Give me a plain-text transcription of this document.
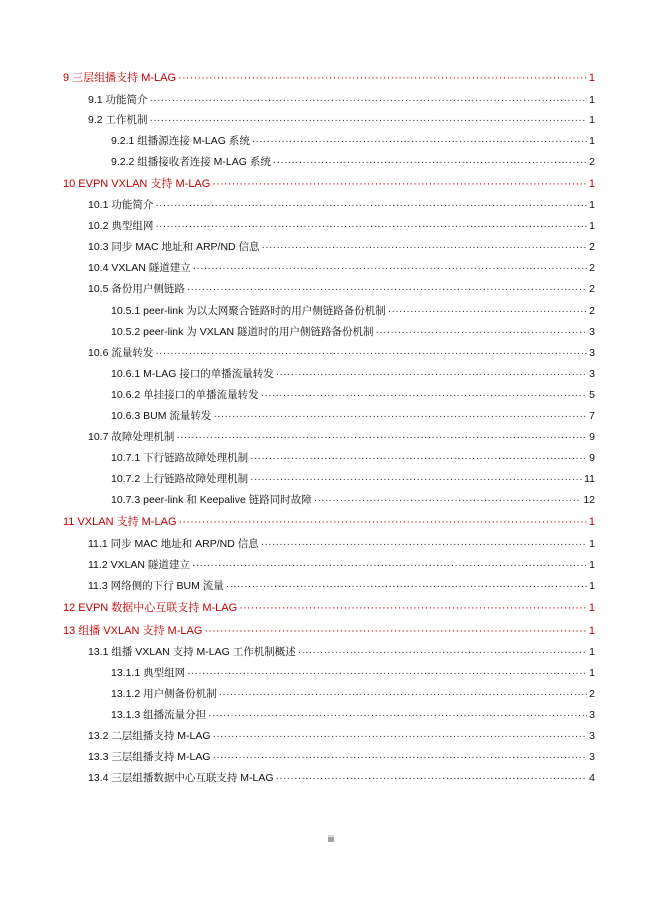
9 三层组播支持 M-LAG ·····	1
9.1 功能简介 ·····	1
9.2 工作机制 ·····	1
9.2.1 组播源连接 M-LAG 系统 ·····	1
9.2.2 组播接收者连接 M-LAG 系统 ·····	2
10 EVPN VXLAN 支持 M-LAG ·····	1
10.1 功能简介 ·····	1
10.2 典型组网 ·····	1
10.3 同步 MAC 地址和 ARP/ND 信息 ·····	2
10.4 VXLAN 隧道建立 ·····	2
10.5 备份用户侧链路 ·····	2
10.5.1 peer-link 为以太网聚合链路时的用户侧链路备份机制 ·····	2
10.5.2 peer-link 为 VXLAN 隧道时的用户侧链路备份机制 ·····	3
10.6 流量转发 ·····	3
10.6.1 M-LAG 接口的单播流量转发 ·····	3
10.6.2 单挂接口的单播流量转发 ·····	5
10.6.3 BUM 流量转发 ·····	7
10.7 故障处理机制 ·····	9
10.7.1 下行链路故障处理机制 ·····	9
10.7.2 上行链路故障处理机制 ·····	11
10.7.3 peer-link 和 Keepalive 链路同时故障 ·····	12
11 VXLAN 支持 M-LAG ·····	1
11.1 同步 MAC 地址和 ARP/ND 信息 ·····	1
11.2 VXLAN 隧道建立 ·····	1
11.3 网络侧的下行 BUM 流量 ·····	1
12 EVPN 数据中心互联支持 M-LAG ·····	1
13 组播 VXLAN 支持 M-LAG ·····	1
13.1 组播 VXLAN 支持 M-LAG 工作机制概述 ·····	1
13.1.1 典型组网 ·····	1
13.1.2 用户侧备份机制 ·····	2
13.1.3 组播流量分担 ·····	3
13.2 二层组播支持 M-LAG ·····	3
13.3 三层组播支持 M-LAG ·····	3
13.4 三层组播数据中心互联支持 M-LAG ·····	4
iii
